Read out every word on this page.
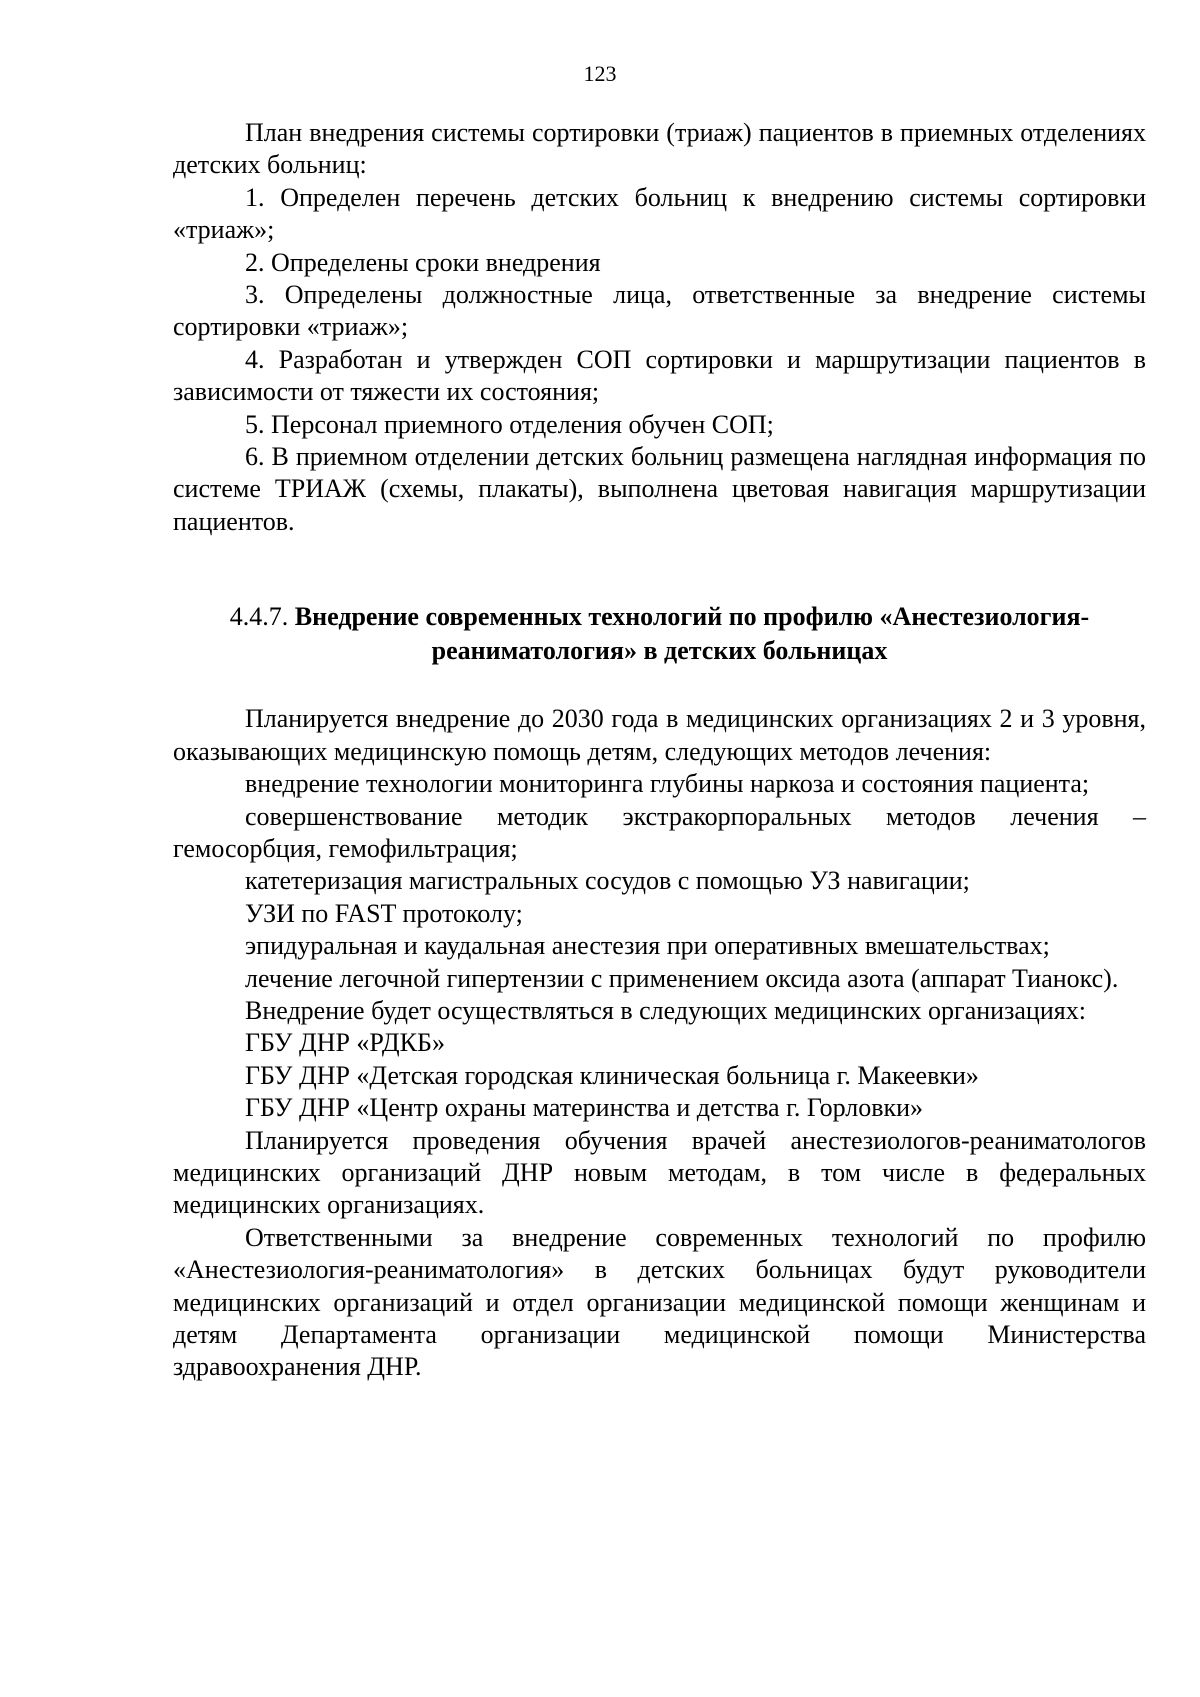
123

План внедрения системы сортировки (триаж) пациентов в приемных отделениях детских больниц:

1. Определен перечень детских больниц к внедрению системы сортировки «триаж»;

2. Определены сроки внедрения

3. Определены должностные лица, ответственные за внедрение системы сортировки «триаж»;

4. Разработан и утвержден СОП сортировки и маршрутизации пациентов в зависимости от тяжести их состояния;

5. Персонал приемного отделения обучен СОП;

6. В приемном отделении детских больниц размещена наглядная информация по системе ТРИАЖ (схемы, плакаты), выполнена цветовая навигация маршрутизации пациентов.

4.4.7. Внедрение современных технологий по профилю «Анестезиология-реаниматология» в детских больницах

Планируется внедрение до 2030 года в медицинских организациях 2 и 3 уровня, оказывающих медицинскую помощь детям, следующих методов лечения:

внедрение технологии мониторинга глубины наркоза и состояния пациента;

совершенствование методик экстракорпоральных методов лечения – гемосорбция, гемофильтрация;

катетеризация магистральных сосудов с помощью УЗ навигации;

УЗИ по FAST протоколу;

эпидуральная и каудальная анестезия при оперативных вмешательствах;

лечение легочной гипертензии с применением оксида азота (аппарат Тианокс).

Внедрение будет осуществляться в следующих медицинских организациях:

ГБУ ДНР «РДКБ»

ГБУ ДНР «Детская городская клиническая больница г. Макеевки»

ГБУ ДНР «Центр охраны материнства и детства г. Горловки»

Планируется проведения обучения врачей анестезиологов-реаниматологов медицинских организаций ДНР новым методам, в том числе в федеральных медицинских организациях.

Ответственными за внедрение современных технологий по профилю «Анестезиология-реаниматология» в детских больницах будут руководители медицинских организаций и отдел организации медицинской помощи женщинам и детям Департамента организации медицинской помощи Министерства здравоохранения ДНР.
